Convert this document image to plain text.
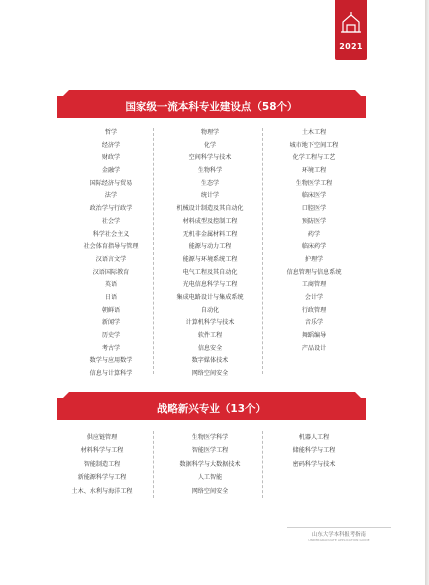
2021
国家级一流本科专业建设点（58个）
哲学
经济学
财政学
金融学
国际经济与贸易
法学
政治学与行政学
社会学
科学社会主义
社会体育指导与管理
汉语言文学
汉语国际教育
英语
日语
朝鲜语
新闻学
历史学
考古学
数学与应用数学
信息与计算科学
物理学
化学
空间科学与技术
生物科学
生态学
统计学
机械设计制造及其自动化
材料成型及控制工程
无机非金属材料工程
能源与动力工程
能源与环境系统工程
电气工程及其自动化
光电信息科学与工程
集成电路设计与集成系统
自动化
计算机科学与技术
软件工程
信息安全
数字媒体技术
网络空间安全
土木工程
城市地下空间工程
化学工程与工艺
环境工程
生物医学工程
临床医学
口腔医学
预防医学
药学
临床药学
护理学
信息管理与信息系统
工商管理
会计学
行政管理
音乐学
舞蹈编导
产品设计
战略新兴专业（13个）
供应链管理
材料科学与工程
智能制造工程
新能源科学与工程
土木、水利与海洋工程
生物医学科学
智能医学工程
数据科学与大数据技术
人工智能
网络空间安全
机器人工程
储能科学与工程
密码科学与技术
山东大学本科报考指南
UNDERGRADUATE APPLICATION GUIDE
